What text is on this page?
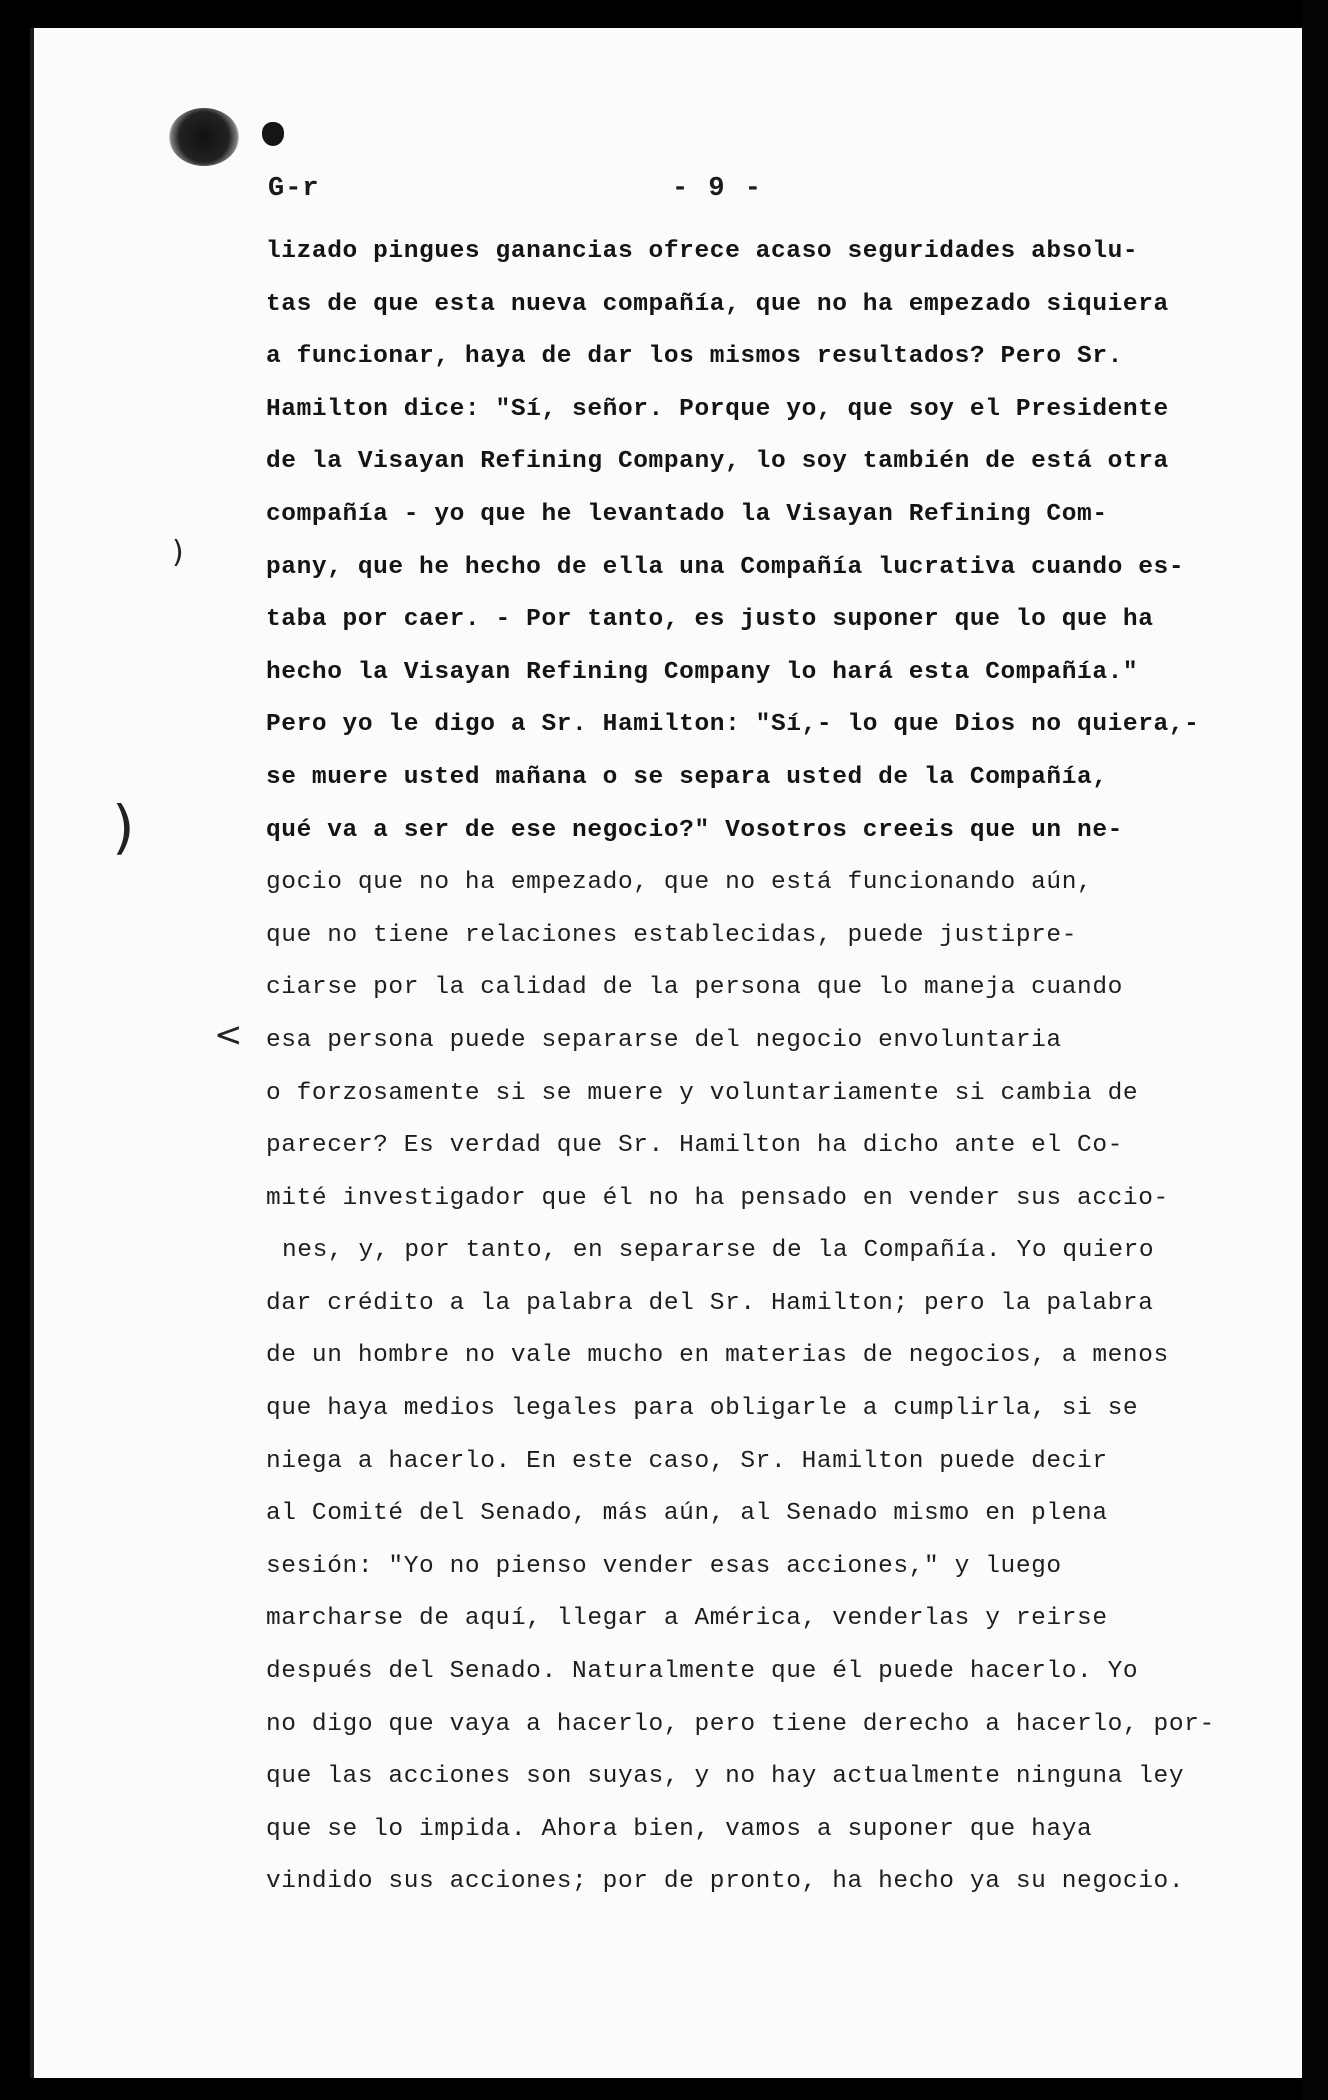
)
)
<
G-r	- 9 -
lizado pingues ganancias ofrece acaso seguridades absolu-
tas de que esta nueva compañía, que no ha empezado siquiera
a funcionar, haya de dar los mismos resultados? Pero Sr.
Hamilton dice: "Sí, señor. Porque yo, que soy el Presidente
de la Visayan Refining Company, lo soy también de está otra
compañía - yo que he levantado la Visayan Refining Com-
pany, que he hecho de ella una Compañía lucrativa cuando es-
taba por caer. - Por tanto, es justo suponer que lo que ha
hecho la Visayan Refining Company lo hará esta Compañía."
Pero yo le digo a Sr. Hamilton: "Sí,- lo que Dios no quiera,-
se muere usted mañana o se separa usted de la Compañía,
qué va a ser de ese negocio?" Vosotros creeis que un ne-
gocio que no ha empezado, que no está funcionando aún,
que no tiene relaciones establecidas, puede justipre-
ciarse por la calidad de la persona que lo maneja cuando
esa persona puede separarse del negocio envoluntaria
o forzosamente si se muere y voluntariamente si cambia de
parecer? Es verdad que Sr. Hamilton ha dicho ante el Co-
mité investigador que él no ha pensado en vender sus accio-
nes, y, por tanto, en separarse de la Compañía. Yo quiero
dar crédito a la palabra del Sr. Hamilton; pero la palabra
de un hombre no vale mucho en materias de negocios, a menos
que haya medios legales para obligarle a cumplirla, si se
niega a hacerlo. En este caso, Sr. Hamilton puede decir
al Comité del Senado, más aún, al Senado mismo en plena
sesión: "Yo no pienso vender esas acciones," y luego
marcharse de aquí, llegar a América, venderlas y reirse
después del Senado. Naturalmente que él puede hacerlo. Yo
no digo que vaya a hacerlo, pero tiene derecho a hacerlo, por-
que las acciones son suyas, y no hay actualmente ninguna ley
que se lo impida. Ahora bien, vamos a suponer que haya
vindido sus acciones; por de pronto, ha hecho ya su negocio.
